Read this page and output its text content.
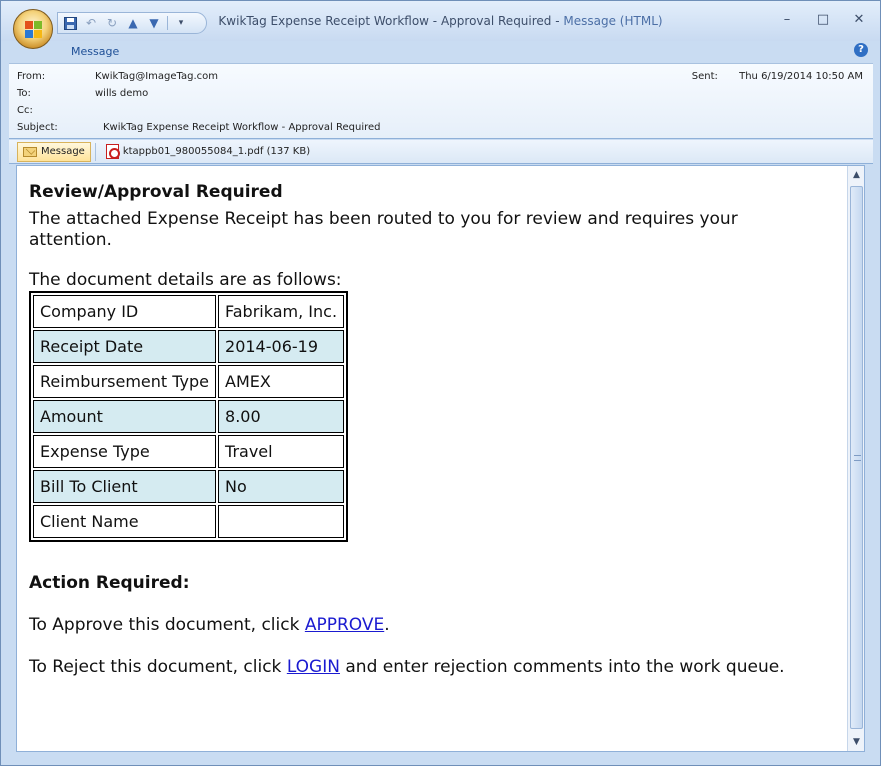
KwikTag Expense Receipt Workflow - Approval Required - Message (HTML)
↶ ↻ ▲ ▼	▾	–	□ ✕
Message	?
From:	KwikTag@ImageTag.com
To:	wills demo
Cc:
Subject:	KwikTag Expense Receipt Workflow - Approval Required
Sent: Thu 6/19/2014 10:50 AM
Message	ktappb01_980055084_1.pdf (137 KB)
Review/Approval Required
The attached Expense Receipt has been routed to you for review and requires your attention.
The document details are as follows:
Company ID	Fabrikam, Inc.
Receipt Date	2014-06-19
Reimbursement Type	AMEX
Amount	8.00
Expense Type	Travel
Bill To Client	No
Client Name	
Action Required:
To Approve this document, click APPROVE.
To Reject this document, click LOGIN and enter rejection comments into the work queue.
▲
▼
